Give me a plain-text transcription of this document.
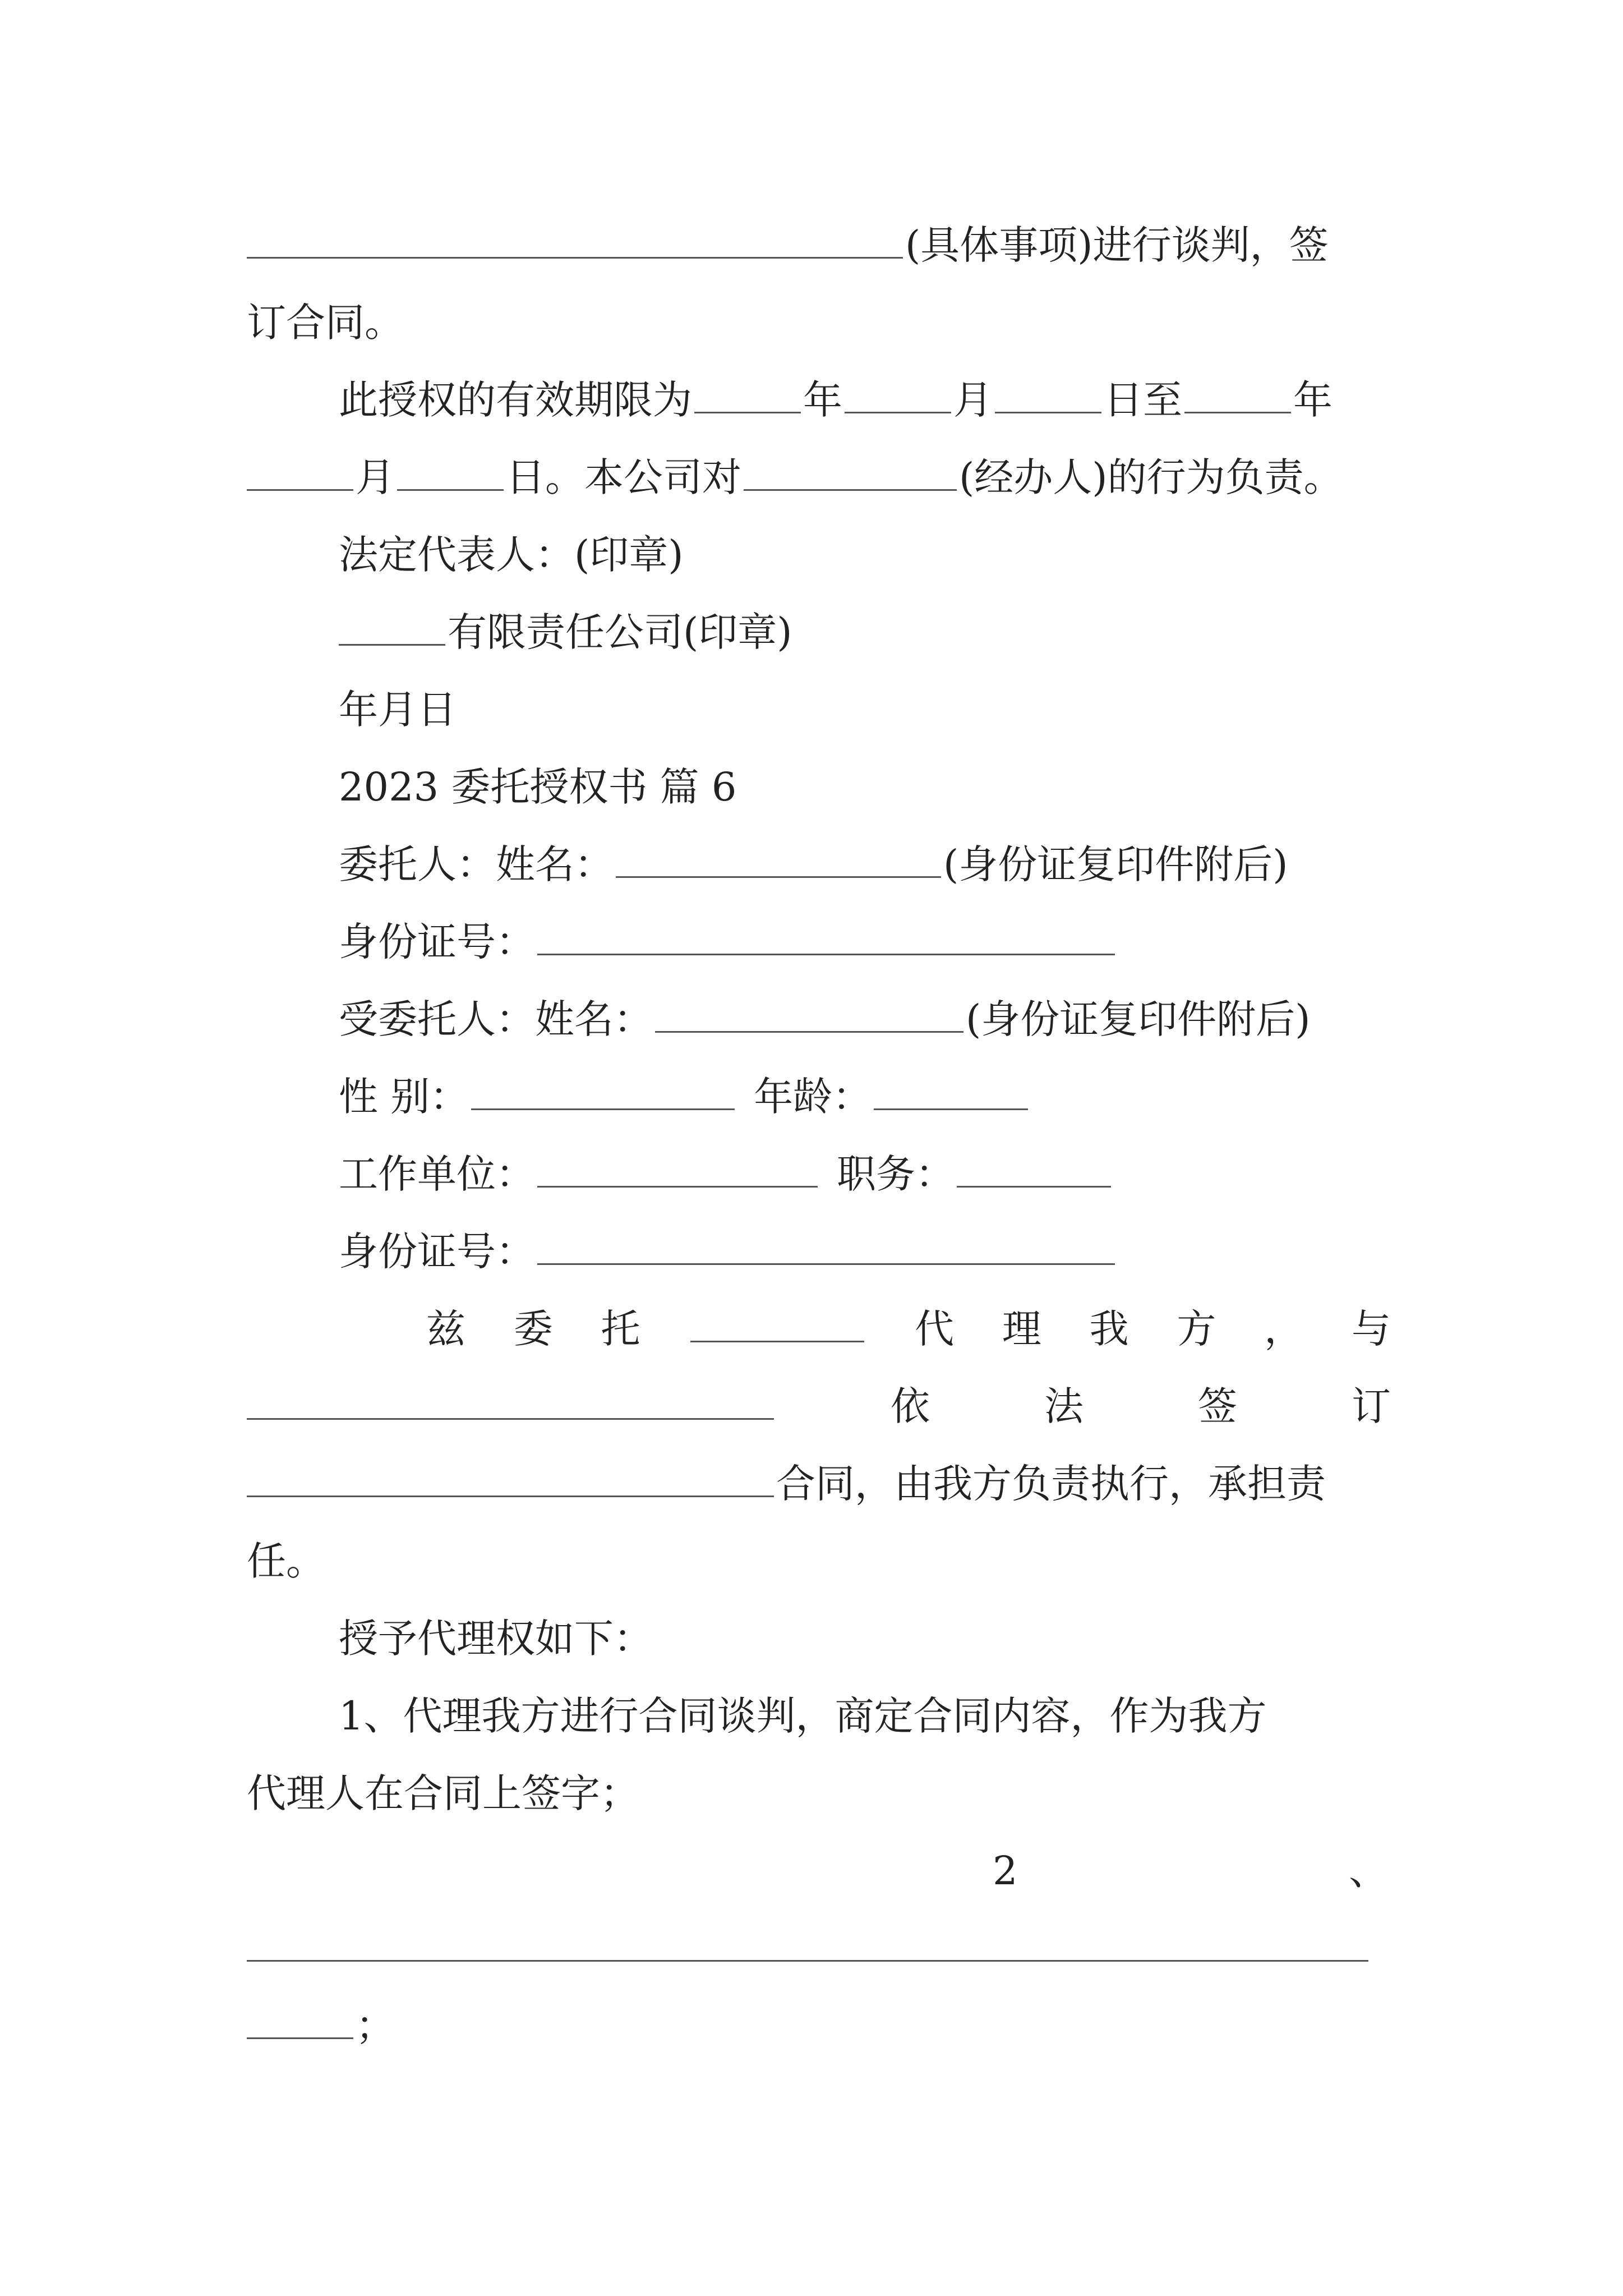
(具体事项)进行谈判，签
订合同。
此授权的有效期限为	年	月	日至	年
月	日。本公司对	(经办人)的行为负责。
法定代表人：(印章)
有限责任公司(印章)
年月日
2023 委托授权书 篇 6
委托人：姓名：	(身份证复印件附后)
身份证号：
受委托人：姓名：	(身份证复印件附后)
性 别：	年龄：
工作单位：	职务：
身份证号：
兹 委 托	代 理 我 方 ， 与
依	法	签	订
合同，由我方负责执行，承担责
任。
授予代理权如下：
1、代理我方进行合同谈判，商定合同内容，作为我方
代理人在合同上签字；
2	、
；
